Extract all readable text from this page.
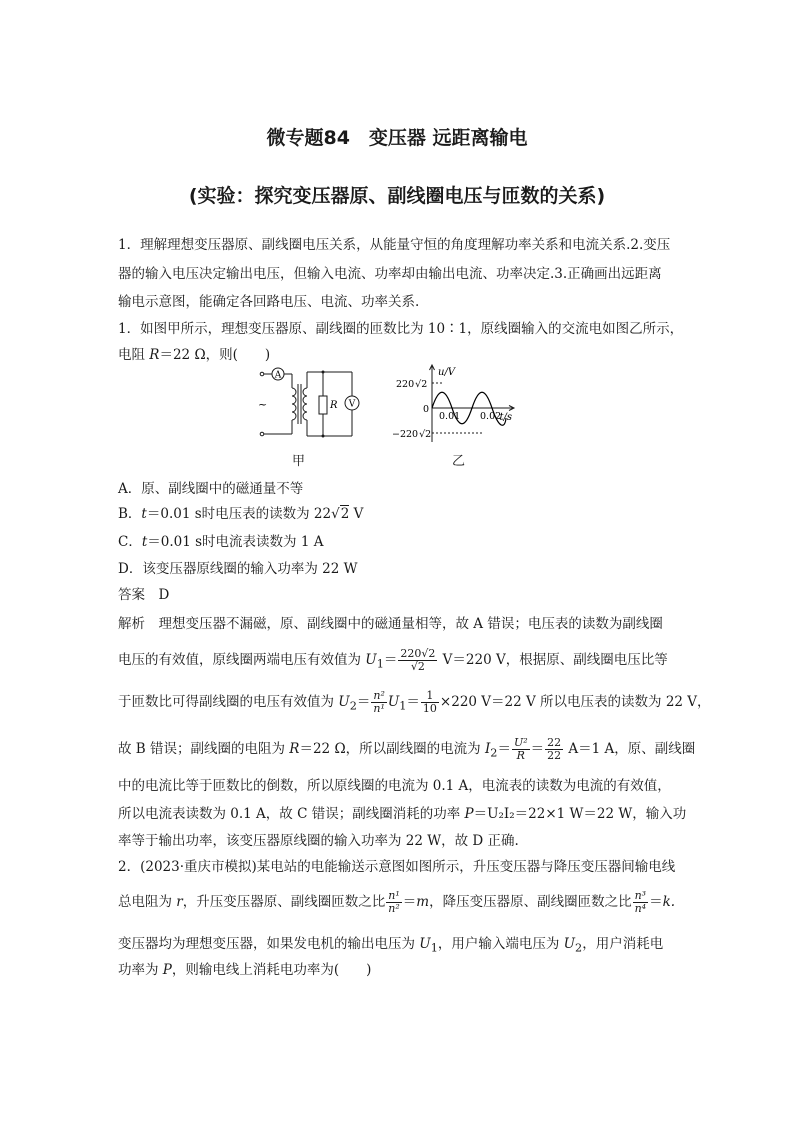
微专题84　变压器 远距离输电
(实验：探究变压器原、副线圈电压与匝数的关系)
1．理解理想变压器原、副线圈电压关系，从能量守恒的角度理解功率关系和电流关系.2.变压
器的输入电压决定输出电压，但输入电流、功率却由输出电流、功率决定.3.正确画出远距离
输电示意图，能确定各回路电压、电流、功率关系.
1．如图甲所示，理想变压器原、副线圈的匝数比为 10∶1，原线圈输入的交流电如图乙所示，
电阻 R＝22 Ω，则(　　)
A
V
R
~
甲
u/V
t/s
220√2
−220√2
0
0.01 0.02
乙
A．原、副线圈中的磁通量不等
B．t＝0.01 s时电压表的读数为 22√2 V
C．t＝0.01 s时电流表读数为 1 A
D．该变压器原线圈的输入功率为 22 W
答案　D
解析　理想变压器不漏磁，原、副线圈中的磁通量相等，故 A 错误；电压表的读数为副线圈
电压的有效值，原线圈两端电压有效值为 $U_1= \frac{220√2}{√2} V=220$ V，根据原、副线圈电压比等
于匝数比可得副线圈的电压有效值为 $U_2= \frac{\text{n²}}{\text{n¹}} U_1= \frac{1}{10} \times 220$ V＝22 V 所以电压表的读数为 22 V，
故 B 错误；副线圈的电阻为 R＝22 Ω，所以副线圈的电流为 $I_2= \frac{\text{U²}}{R} = \frac{22}{22} A=1$ A，原、副线圈
中的电流比等于匝数比的倒数，所以原线圈的电流为 0.1 A，电流表的读数为电流的有效值，
所以电流表读数为 0.1 A，故 C 错误；副线圈消耗的功率 P＝U₂I₂＝22×1 W＝22 W，输入功
率等于输出功率，该变压器原线圈的输入功率为 22 W，故 D 正确.
2．(2023·重庆市模拟)某电站的电能输送示意图如图所示，升压变压器与降压变压器间输电线
总电阻为 r，升压变压器原、副线圈匝数之比 $\frac{\text{n¹}}{\text{n²}} =m$，降压变压器原、副线圈匝数之比 $\frac{\text{n³}}{\text{n⁴}} =k$.
变压器均为理想变压器，如果发电机的输出电压为 $U_1$，用户输入端电压为 $U_2$，用户消耗电
功率为 P，则输电线上消耗电功率为(　　)
